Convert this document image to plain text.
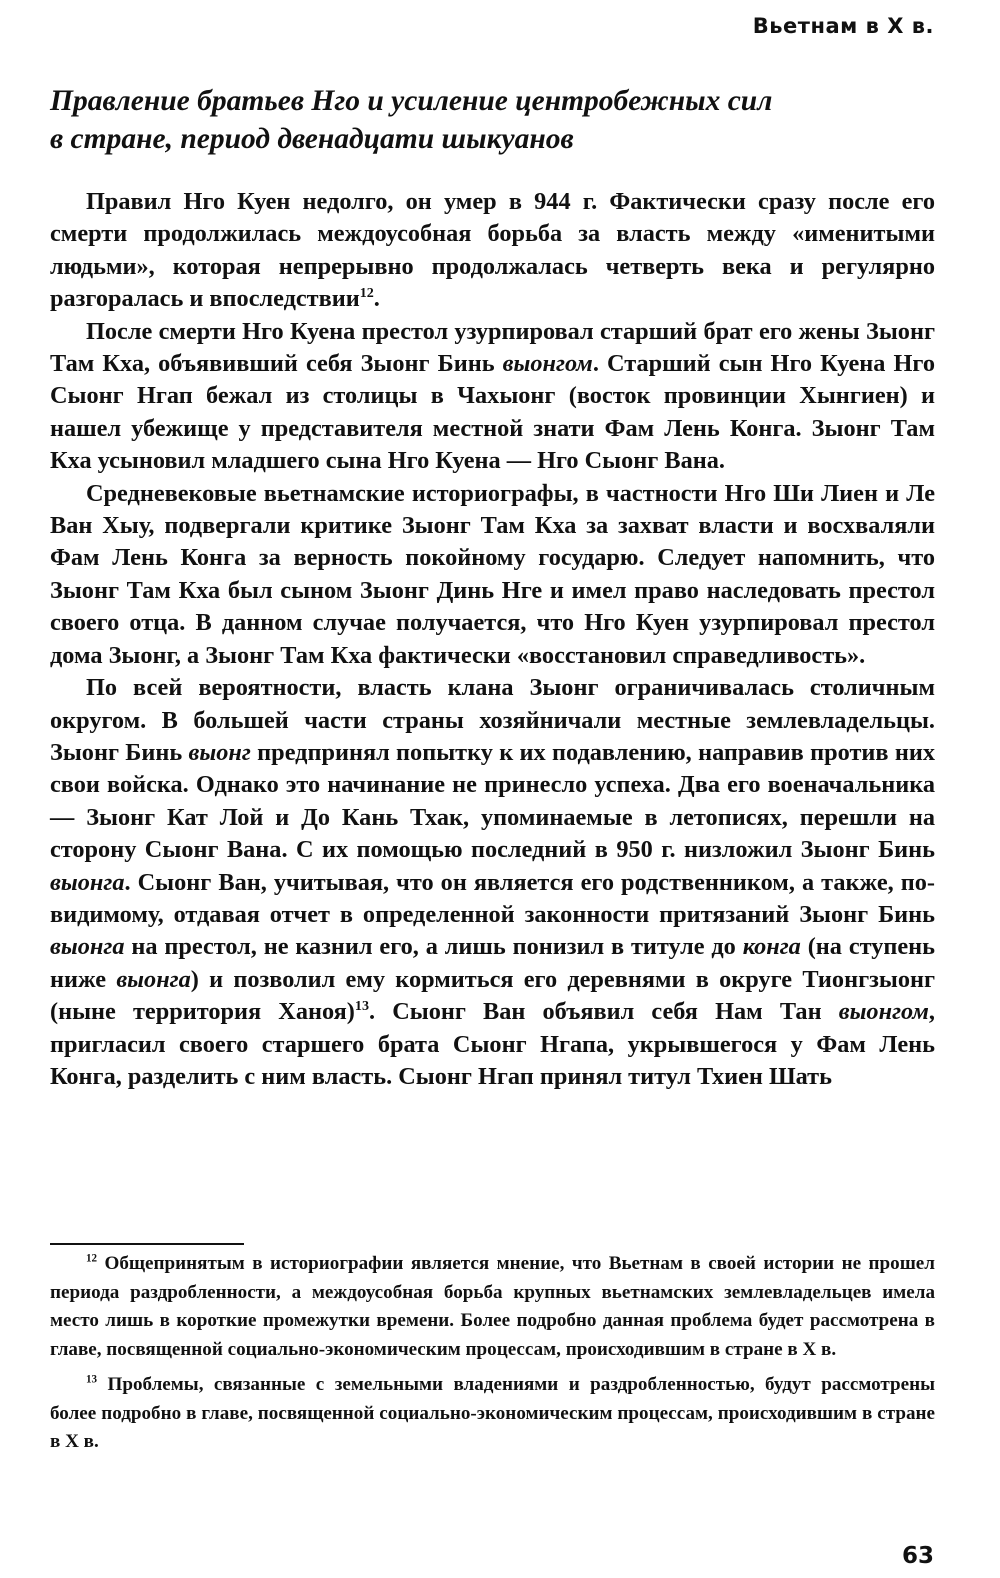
Вьетнам в X в.
Правление братьев Нго и усиление центробежных сил
в стране, период двенадцати шыкуанов

Правил Нго Куен недолго, он умер в 944 г. Фактически сразу после его смерти продолжилась междоусобная борьба за власть между «именитыми людьми», которая непрерывно продолжалась четверть века и регулярно разгоралась и впоследствии$^{12}$.

После смерти Нго Куена престол узурпировал старший брат его жены Зыонг Там Кха, объявивший себя Зыонг Бинь выонгом. Старший сын Нго Куена Нго Сыонг Нгап бежал из столицы в Чахыонг (восток провинции Хынгиен) и нашел убежище у представителя местной знати Фам Лень Конга. Зыонг Там Кха усыновил младшего сына Нго Куена — Нго Сыонг Вана.

Средневековые вьетнамские историографы, в частности Нго Ши Лиен и Ле Ван Хыу, подвергали критике Зыонг Там Кха за захват власти и восхваляли Фам Лень Конга за верность покойному государю. Следует напомнить, что Зыонг Там Кха был сыном Зыонг Динь Нге и имел право наследовать престол своего отца. В данном случае получается, что Нго Куен узурпировал престол дома Зыонг, а Зыонг Там Кха фактически «восстановил справедливость».

По всей вероятности, власть клана Зыонг ограничивалась столичным округом. В большей части страны хозяйничали местные землевладельцы. Зыонг Бинь выонг предпринял попытку к их подавлению, направив против них свои войска. Однако это начинание не принесло успеха. Два его военачальника — Зыонг Кат Лой и До Кань Тхак, упоминаемые в летописях, перешли на сторону Сыонг Вана. С их помощью последний в 950 г. низложил Зыонг Бинь выонга. Сыонг Ван, учитывая, что он является его родственником, а также, по-видимому, отдавая отчет в определенной законности притязаний Зыонг Бинь выонга на престол, не казнил его, а лишь понизил в титуле до конга (на ступень ниже выонга) и позволил ему кормиться его деревнями в округе Тионгзыонг (ныне территория Ханоя)$^{13}$. Сыонг Ван объявил себя Нам Тан выонгом, пригласил своего старшего брата Сыонг Нгапа, укрывшегося у Фам Лень Конга, разделить с ним власть. Сыонг Нгап принял титул Тхиен Шать

$^{12}$ Общепринятым в историографии является мнение, что Вьетнам в своей истории не прошел периода раздробленности, а междоусобная борьба крупных вьетнамских землевладельцев имела место лишь в короткие промежутки времени. Более подробно данная проблема будет рассмотрена в главе, посвященной социально-экономическим процессам, происходившим в стране в X в.

$^{13}$ Проблемы, связанные с земельными владениями и раздробленностью, будут рассмотрены более подробно в главе, посвященной социально-экономическим процессам, происходившим в стране в X в.

63
